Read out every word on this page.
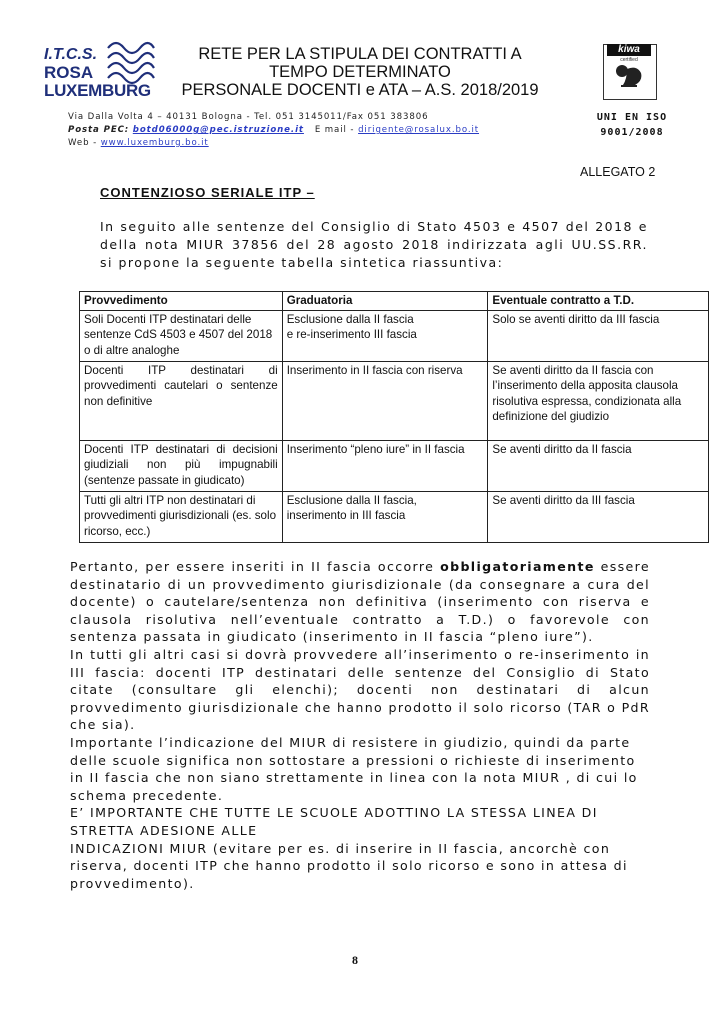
I.T.C.S.
ROSA
LUXEMBURG
RETE PER LA STIPULA DEI CONTRATTI A
TEMPO DETERMINATO
PERSONALE DOCENTI e ATA – A.S. 2018/2019
kiwa
certified
UNI EN ISO
9001/2008
Via Dalla Volta 4 – 40131 Bologna - Tel. 051 3145011/Fax 051 383806
Posta PEC: botd06000g@pec.istruzione.it E mail - dirigente@rosalux.bo.it
Web - www.luxemburg.bo.it
ALLEGATO 2
CONTENZIOSO SERIALE ITP –
In seguito alle sentenze del Consiglio di Stato 4503 e 4507 del 2018 e della nota MIUR 37856 del 28 agosto 2018 indirizzata agli UU.SS.RR. si propone la seguente tabella sintetica riassuntiva:
Provvedimento	Graduatoria	Eventuale contratto a T.D.
Soli Docenti ITP destinatari delle sentenze CdS 4503 e 4507 del 2018 o di altre analoghe	Esclusione dalla II fascia
e re-inserimento III fascia	Solo se aventi diritto da III fascia
Docenti ITP destinatari di provvedimenti cautelari o sentenze non definitive	Inserimento in II fascia con riserva	Se aventi diritto da II fascia con l’inserimento della apposita clausola risolutiva espressa, condizionata alla definizione del giudizio
Docenti ITP destinatari di decisioni giudiziali non più impugnabili (sentenze passate in giudicato)	Inserimento “pleno iure” in II fascia	Se aventi diritto da II fascia
Tutti gli altri ITP non destinatari di provvedimenti giurisdizionali (es. solo ricorso, ecc.)	Esclusione dalla II fascia,
inserimento in III fascia	Se aventi diritto da III fascia

Pertanto, per essere inseriti in II fascia occorre obbligatoriamente essere destinatario di un provvedimento giurisdizionale (da consegnare a cura del docente) o cautelare/sentenza non definitiva (inserimento con riserva e clausola risolutiva nell’eventuale contratto a T.D.) o favorevole con sentenza passata in giudicato (inserimento in II fascia “pleno iure”).

In tutti gli altri casi si dovrà provvedere all’inserimento o re-inserimento in III fascia: docenti ITP destinatari delle sentenze del Consiglio di Stato citate (consultare gli elenchi); docenti non destinatari di alcun provvedimento giurisdizionale che hanno prodotto il solo ricorso (TAR o PdR che sia).

Importante l’indicazione del MIUR di resistere in giudizio, quindi da parte delle scuole significa non sottostare a pressioni o richieste di inserimento in II fascia che non siano strettamente in linea con la nota MIUR , di cui lo schema precedente.

E’ IMPORTANTE CHE TUTTE LE SCUOLE ADOTTINO LA STESSA LINEA DI STRETTA ADESIONE ALLE

INDICAZIONI MIUR (evitare per es. di inserire in II fascia, ancorchè con riserva, docenti ITP che hanno prodotto il solo ricorso e sono in attesa di provvedimento).

8
